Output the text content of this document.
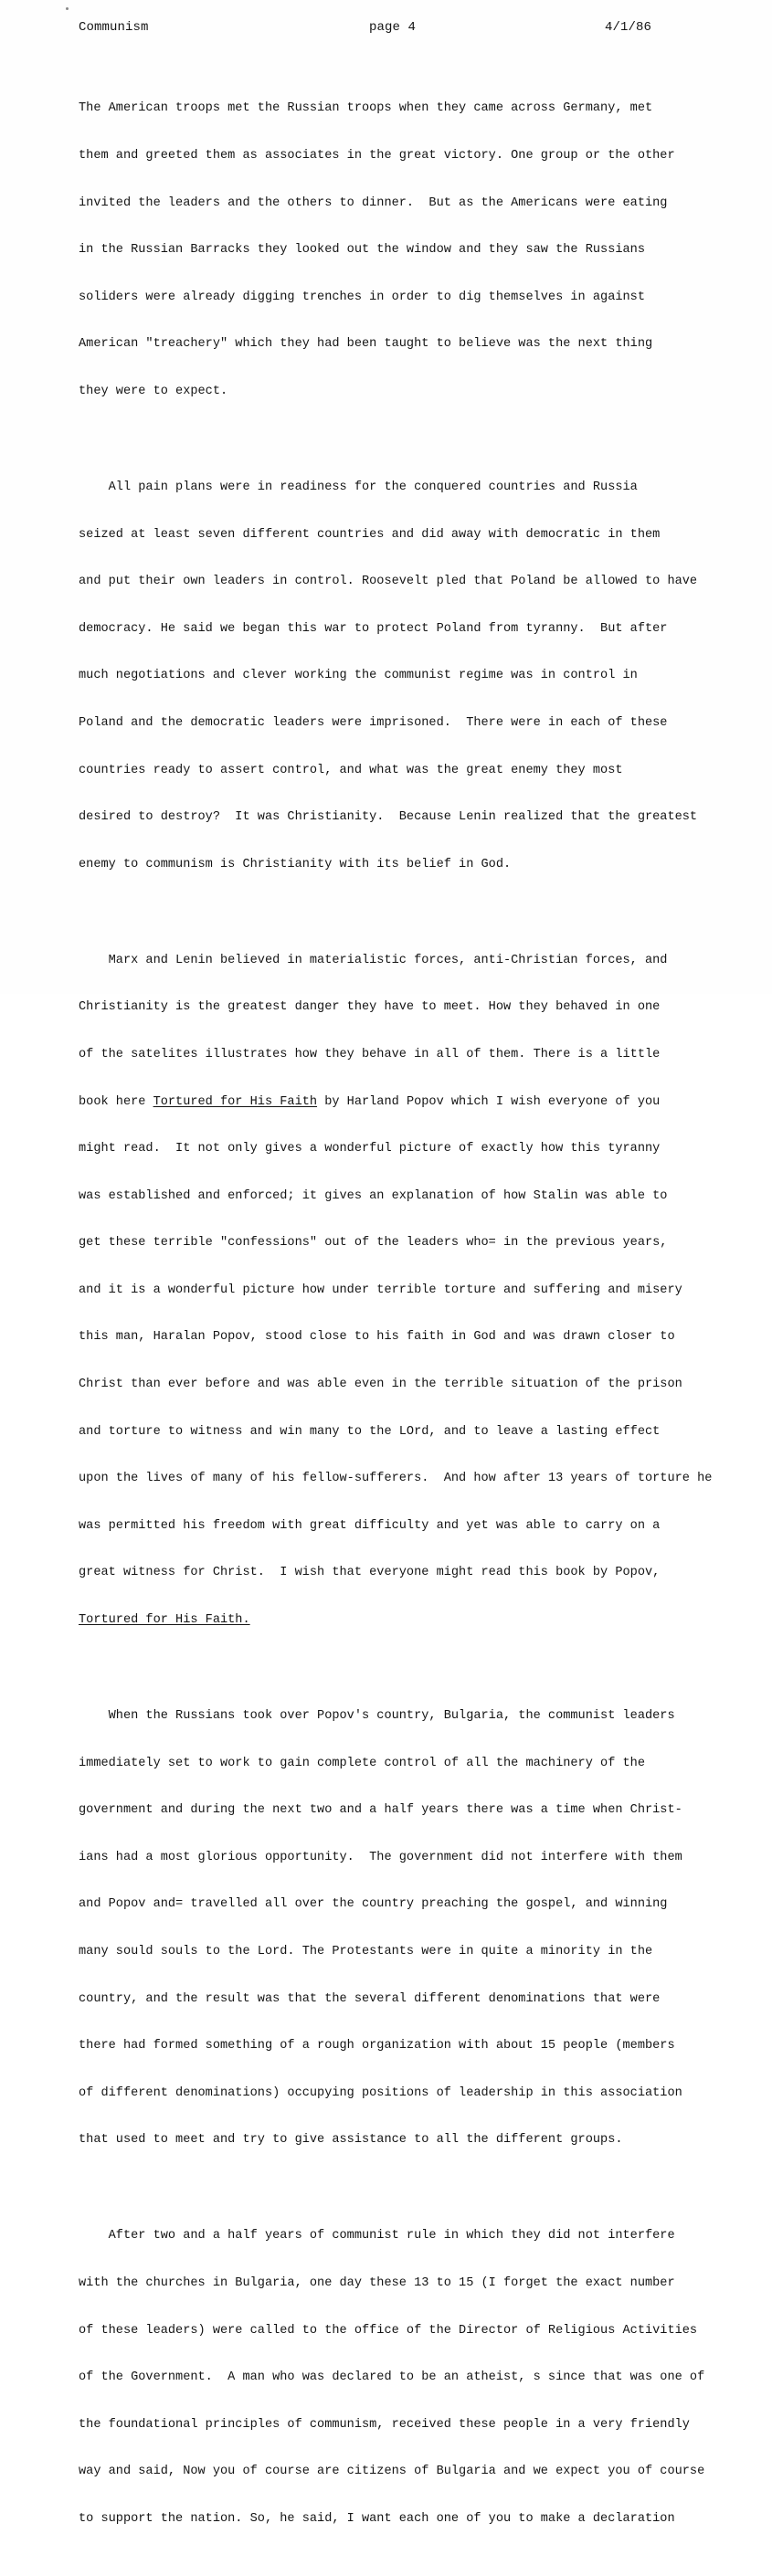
Communism	page 4	4/1/86

The American troops met the Russian troops when they came across Germany, met

them and greeted them as associates in the great victory. One group or the other

invited the leaders and the others to dinner.  But as the Americans were eating

in the Russian Barracks they looked out the window and they saw the Russians

soliders were already digging trenches in order to dig themselves in against

American "treachery" which they had been taught to believe was the next thing

they were to expect.

All pain plans were in readiness for the conquered countries and Russia

seized at least seven different countries and did away with democratic in them

and put their own leaders in control. Roosevelt pled that Poland be allowed to have

democracy. He said we began this war to protect Poland from tyranny.  But after

much negotiations and clever working the communist regime was in control in

Poland and the democratic leaders were imprisoned.  There were in each of these

countries ready to assert control, and what was the great enemy they most

desired to destroy?  It was Christianity.  Because Lenin realized that the greatest

enemy to communism is Christianity with its belief in God.

Marx and Lenin believed in materialistic forces, anti-Christian forces, and

Christianity is the greatest danger they have to meet. How they behaved in one

of the satelites illustrates how they behave in all of them. There is a little

book here Tortured for His Faith by Harland Popov which I wish everyone of you

might read.  It not only gives a wonderful picture of exactly how this tyranny

was established and enforced; it gives an explanation of how Stalin was able to

get these terrible "confessions" out of the leaders who= in the previous years,

and it is a wonderful picture how under terrible torture and suffering and misery

this man, Haralan Popov, stood close to his faith in God and was drawn closer to

Christ than ever before and was able even in the terrible situation of the prison

and torture to witness and win many to the LOrd, and to leave a lasting effect

upon the lives of many of his fellow-sufferers.  And how after 13 years of torture he

was permitted his freedom with great difficulty and yet was able to carry on a

great witness for Christ.  I wish that everyone might read this book by Popov,

Tortured for His Faith.

When the Russians took over Popov's country, Bulgaria, the communist leaders

immediately set to work to gain complete control of all the machinery of the

government and during the next two and a half years there was a time when Christ-

ians had a most glorious opportunity.  The government did not interfere with them

and Popov and= travelled all over the country preaching the gospel, and winning

many sould souls to the Lord. The Protestants were in quite a minority in the

country, and the result was that the several different denominations that were

there had formed something of a rough organization with about 15 people (members

of different denominations) occupying positions of leadership in this association

that used to meet and try to give assistance to all the different groups.

After two and a half years of communist rule in which they did not interfere

with the churches in Bulgaria, one day these 13 to 15 (I forget the exact number

of these leaders) were called to the office of the Director of Religious Activities

of the Government.  A man who was declared to be an atheist, s since that was one of

the foundational principles of communism, received these people in a very friendly

way and said, Now you of course are citizens of Bulgaria and we expect you of course

to support the nation. So, he said, I want each one of you to make a declaration
